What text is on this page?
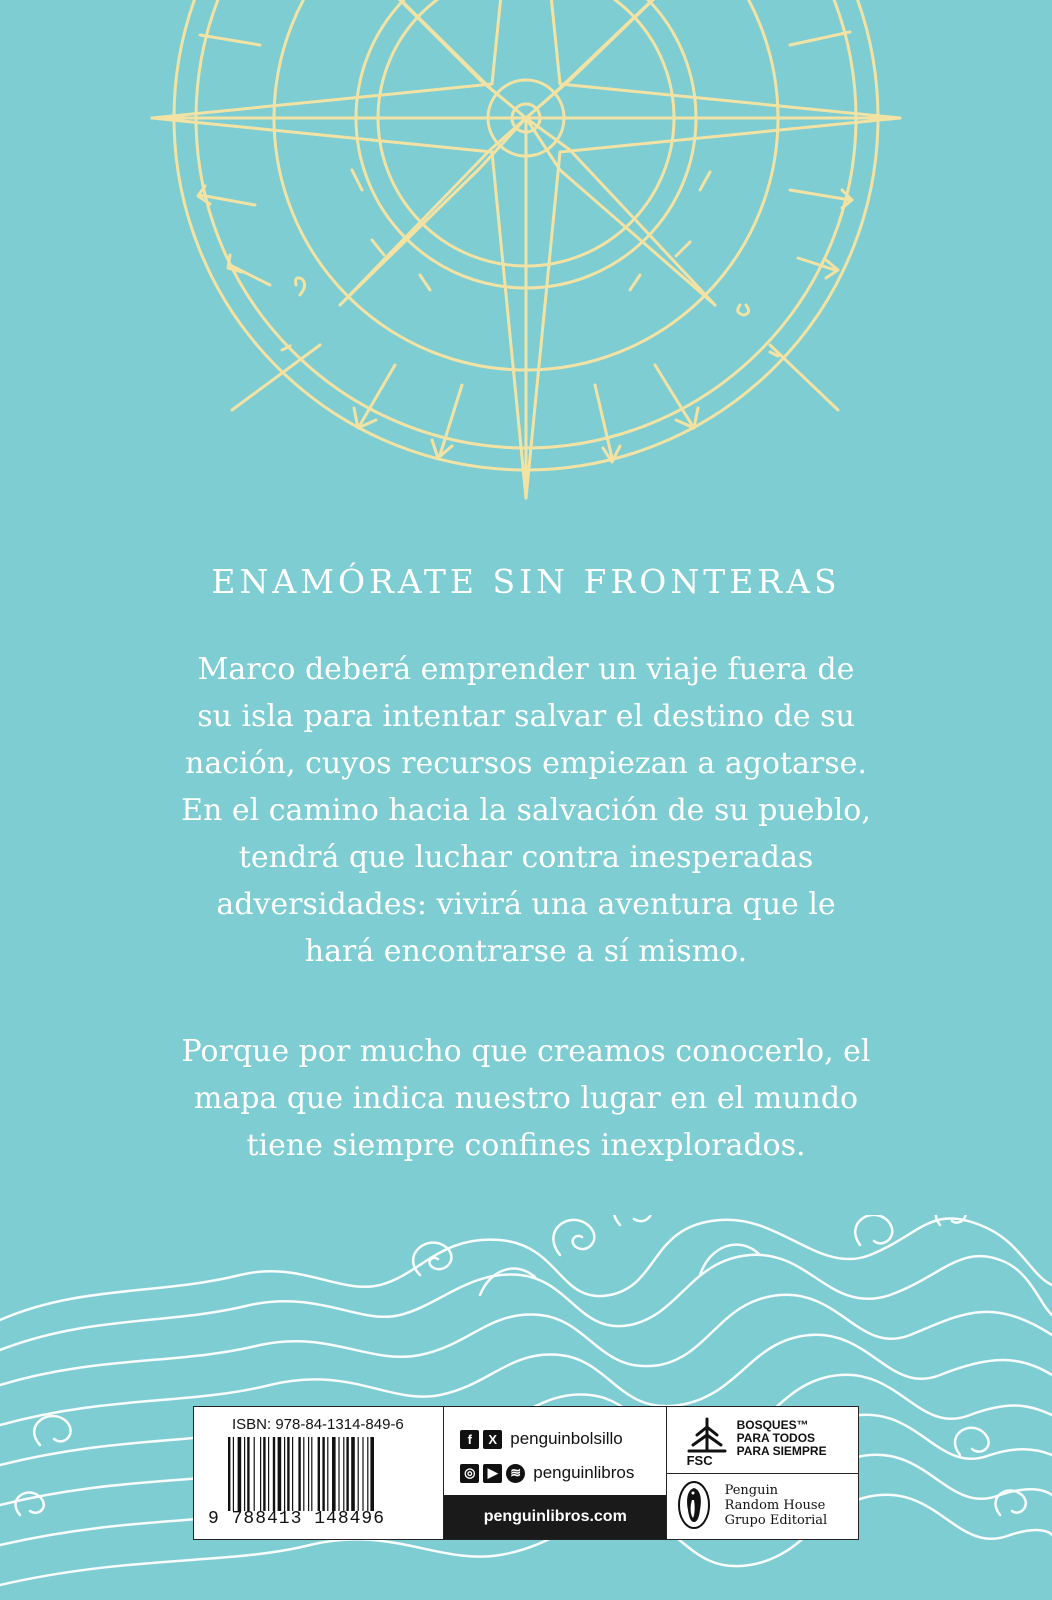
ENAMÓRATE SIN FRONTERAS

Marco deberá emprender un viaje fuera de

su isla para intentar salvar el destino de su

nación, cuyos recursos empiezan a agotarse.

En el camino hacia la salvación de su pueblo,

tendrá que luchar contra inesperadas

adversidades: vivirá una aventura que le

hará encontrarse a sí mismo.

Porque por mucho que creamos conocerlo, el

mapa que indica nuestro lugar en el mundo

tiene siempre confines inexplorados.

ISBN: 978-84-1314-849-6
9 788413 148496
f	X penguinbolsillo
◎ ▶ ≋ penguinlibros
penguinlibros.com
FSC
BOSQUES™
PARA TODOS
PARA SIEMPRE
Penguin
Random House
Grupo Editorial
